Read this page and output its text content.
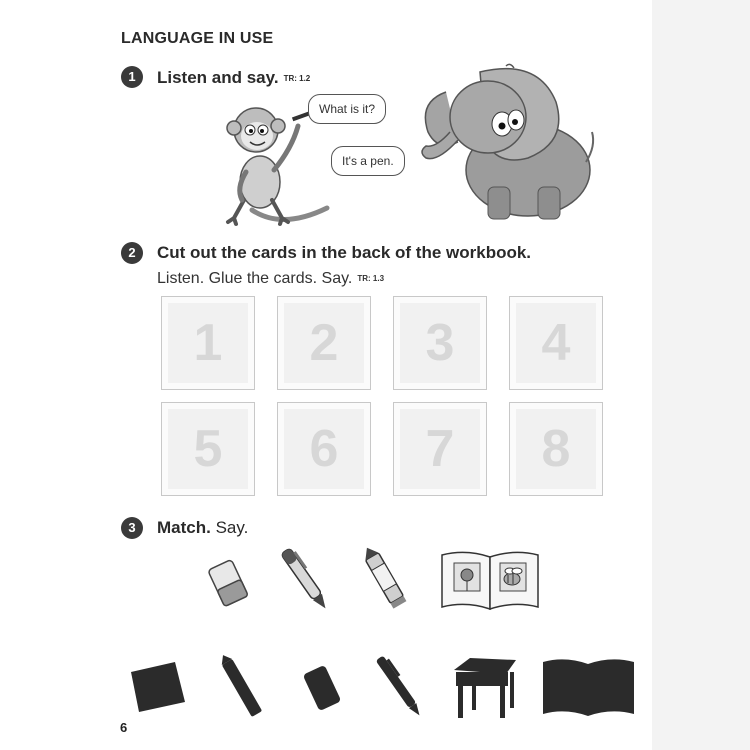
LANGUAGE IN USE
1	Listen and say. TR: 1.2
What is it?
It's a pen.
2	Cut out the cards in the back of the workbook.
Listen. Glue the cards. Say. TR: 1.3
1	2	3	4
5	6	7	8
3	Match. Say.
6
